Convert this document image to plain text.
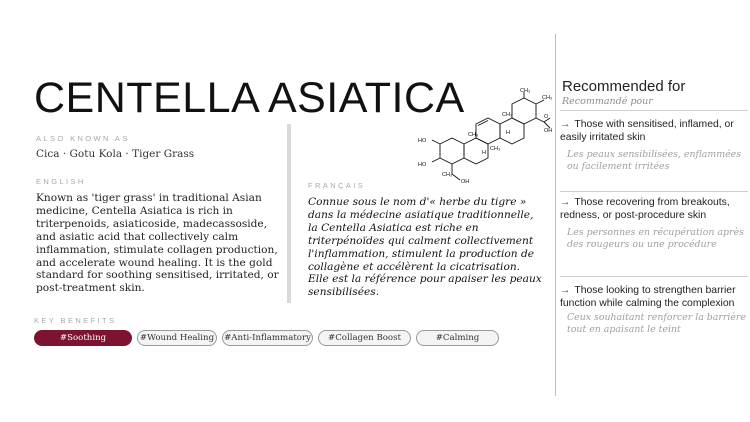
CENTELLA ASIATICA
ALSO KNOWN AS
Cica · Gotu Kola · Tiger Grass
ENGLISH
Known as 'tiger grass' in traditional Asian medicine, Centella Asiatica is rich in triterpenoids, asiaticoside, madecassoside, and asiatic acid that collectively calm inflammation, stimulate collagen production, and accelerate wound healing. It is the gold standard for soothing sensitised, irritated, or post-treatment skin.
FRANÇAIS
Connue sous le nom d'« herbe du tigre » dans la médecine asiatique traditionnelle, la Centella Asiatica est riche en triterpénoïdes qui calment collectivement l'inflammation, stimulent la production de collagène et accélèrent la cicatrisation. Elle est la référence pour apaiser les peaux sensibilisées.
HO
HO
OH
O
OH
CH₃
CH₃
CH₃
CH₃
CH₃
CH₃
H
H
KEY BENEFITS
#Soothing	#Wound Healing	#Anti-Inflammatory	#Collagen Boost	#Calming
Recommended for
Recommandé pour
→ Those with sensitised, inflamed, or easily irritated skin
Les peaux sensibilisées, enflammées ou facilement irritées
→ Those recovering from breakouts, redness, or post-procedure skin
Les personnes en récupération après des rougeurs ou une procédure
→ Those looking to strengthen barrier function while calming the complexion
Ceux souhaitant renforcer la barrière tout en apaisant le teint
